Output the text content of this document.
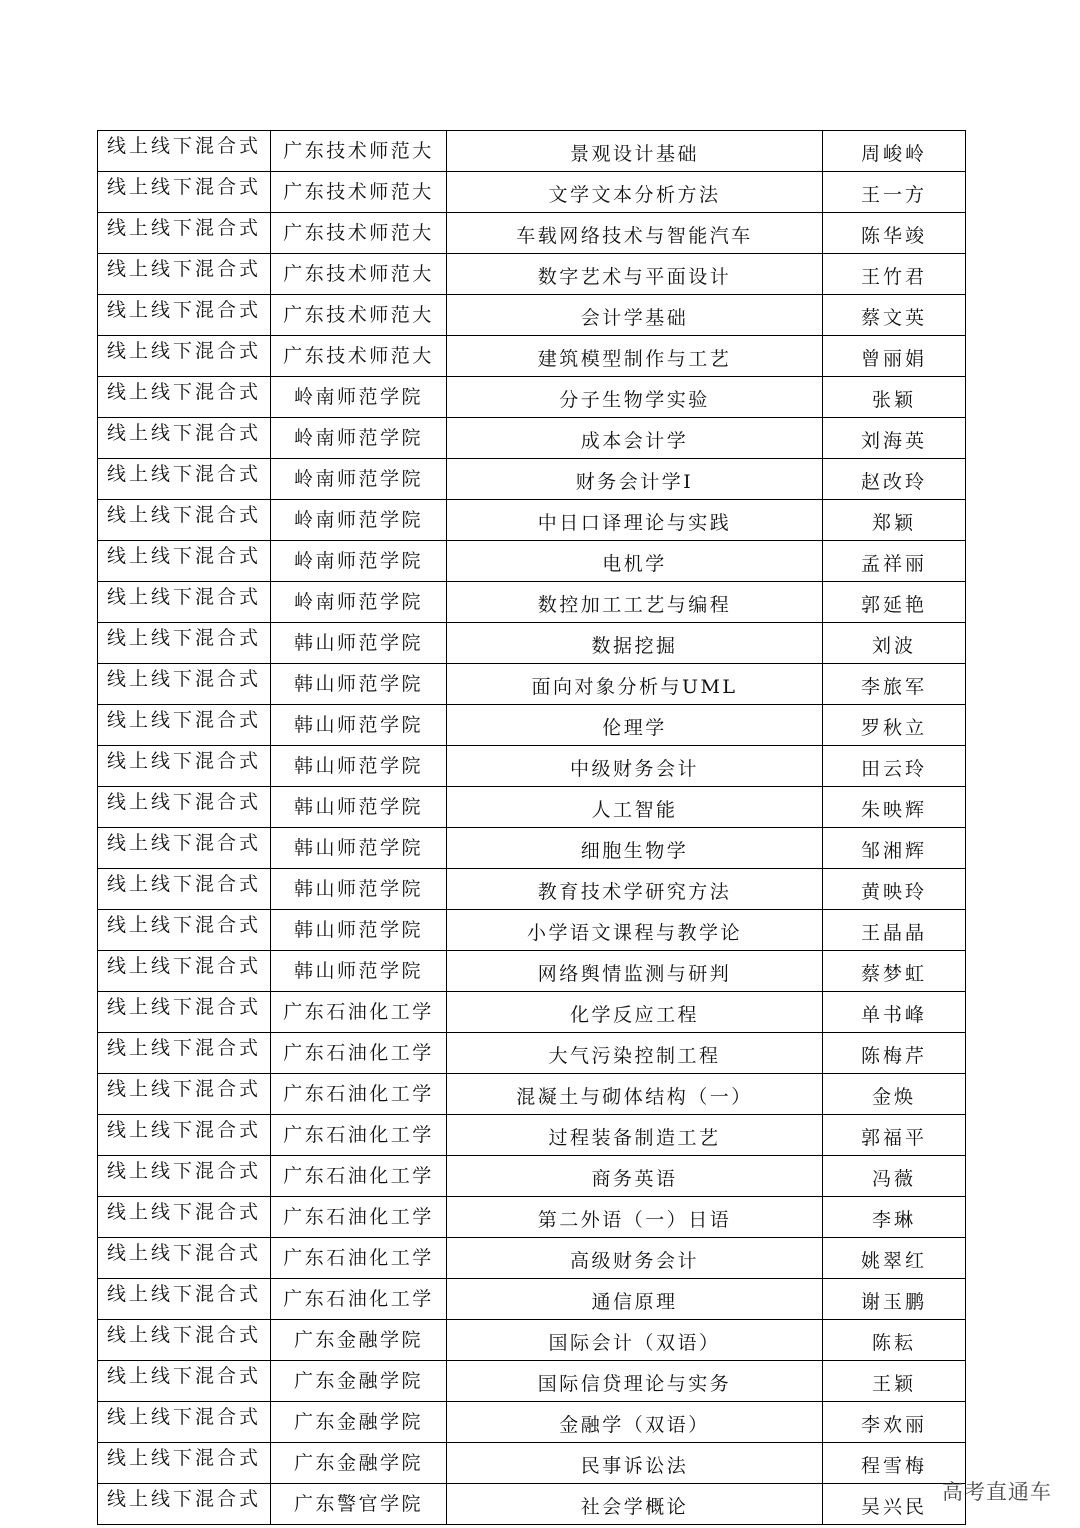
线上线下混合式	广东技术师范大	景观设计基础	周峻岭
线上线下混合式	广东技术师范大	文学文本分析方法	王一方
线上线下混合式	广东技术师范大	车载网络技术与智能汽车	陈华竣
线上线下混合式	广东技术师范大	数字艺术与平面设计	王竹君
线上线下混合式	广东技术师范大	会计学基础	蔡文英
线上线下混合式	广东技术师范大	建筑模型制作与工艺	曾丽娟
线上线下混合式	岭南师范学院	分子生物学实验	张颖
线上线下混合式	岭南师范学院	成本会计学	刘海英
线上线下混合式	岭南师范学院	财务会计学Ⅰ	赵改玲
线上线下混合式	岭南师范学院	中日口译理论与实践	郑颖
线上线下混合式	岭南师范学院	电机学	孟祥丽
线上线下混合式	岭南师范学院	数控加工工艺与编程	郭延艳
线上线下混合式	韩山师范学院	数据挖掘	刘波
线上线下混合式	韩山师范学院	面向对象分析与UML	李旅军
线上线下混合式	韩山师范学院	伦理学	罗秋立
线上线下混合式	韩山师范学院	中级财务会计	田云玲
线上线下混合式	韩山师范学院	人工智能	朱映辉
线上线下混合式	韩山师范学院	细胞生物学	邹湘辉
线上线下混合式	韩山师范学院	教育技术学研究方法	黄映玲
线上线下混合式	韩山师范学院	小学语文课程与教学论	王晶晶
线上线下混合式	韩山师范学院	网络舆情监测与研判	蔡梦虹
线上线下混合式	广东石油化工学	化学反应工程	单书峰
线上线下混合式	广东石油化工学	大气污染控制工程	陈梅芹
线上线下混合式	广东石油化工学	混凝土与砌体结构（一）	金焕
线上线下混合式	广东石油化工学	过程装备制造工艺	郭福平
线上线下混合式	广东石油化工学	商务英语	冯薇
线上线下混合式	广东石油化工学	第二外语（一）日语	李琳
线上线下混合式	广东石油化工学	高级财务会计	姚翠红
线上线下混合式	广东石油化工学	通信原理	谢玉鹏
线上线下混合式	广东金融学院	国际会计（双语）	陈耘
线上线下混合式	广东金融学院	国际信贷理论与实务	王颖
线上线下混合式	广东金融学院	金融学（双语）	李欢丽
线上线下混合式	广东金融学院	民事诉讼法	程雪梅
线上线下混合式	广东警官学院	社会学概论	吴兴民
高考直通车
